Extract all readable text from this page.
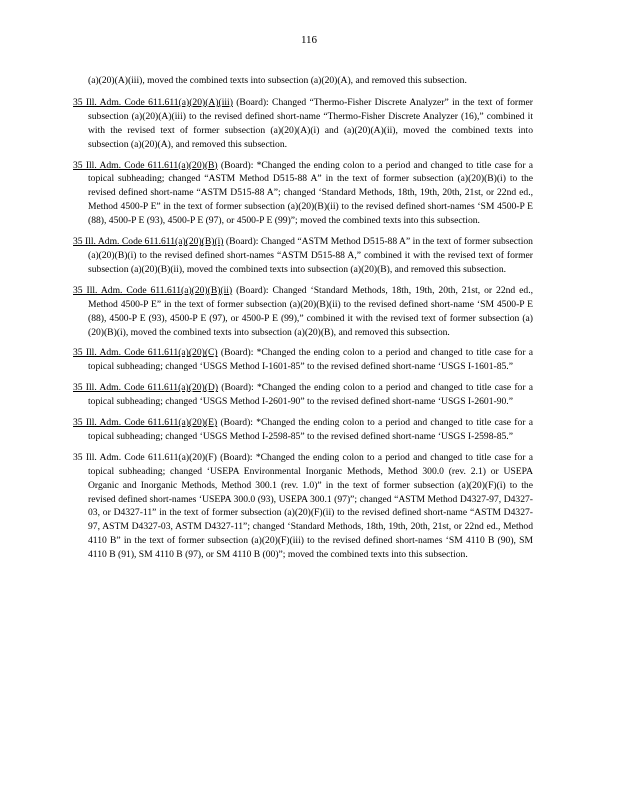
116

(a)(20)(A)(iii), moved the combined texts into subsection (a)(20)(A), and removed this subsection.

35 Ill. Adm. Code 611.611(a)(20)(A)(iii) (Board): Changed “Thermo-Fisher Discrete Analyzer” in the text of former subsection (a)(20)(A)(iii) to the revised defined short-name “Thermo-Fisher Discrete Analyzer (16),” combined it with the revised text of former subsection (a)(20)(A)(i) and (a)(20)(A)(ii), moved the combined texts into subsection (a)(20)(A), and removed this subsection.

35 Ill. Adm. Code 611.611(a)(20)(B) (Board): *Changed the ending colon to a period and changed to title case for a topical subheading; changed “ASTM Method D515-88 A” in the text of former subsection (a)(20)(B)(i) to the revised defined short-name “ASTM D515-88 A”; changed ‘Standard Methods, 18th, 19th, 20th, 21st, or 22nd ed., Method 4500-P E” in the text of former subsection (a)(20)(B)(ii) to the revised defined short-names ‘SM 4500-P E (88), 4500-P E (93), 4500-P E (97), or 4500-P E (99)”; moved the combined texts into this subsection.

35 Ill. Adm. Code 611.611(a)(20)(B)(i) (Board): Changed “ASTM Method D515-88 A” in the text of former subsection (a)(20)(B)(i) to the revised defined short-names “ASTM D515-88 A,” combined it with the revised text of former subsection (a)(20)(B)(ii), moved the combined texts into subsection (a)(20)(B), and removed this subsection.

35 Ill. Adm. Code 611.611(a)(20)(B)(ii) (Board): Changed ‘Standard Methods, 18th, 19th, 20th, 21st, or 22nd ed., Method 4500-P E” in the text of former subsection (a)(20)(B)(ii) to the revised defined short-name ‘SM 4500-P E (88), 4500-P E (93), 4500-P E (97), or 4500-P E (99),” combined it with the revised text of former subsection (a)(20)(B)(i), moved the combined texts into subsection (a)(20)(B), and removed this subsection.

35 Ill. Adm. Code 611.611(a)(20)(C) (Board): *Changed the ending colon to a period and changed to title case for a topical subheading; changed ‘USGS Method I-1601-85” to the revised defined short-name ‘USGS I-1601-85.”

35 Ill. Adm. Code 611.611(a)(20)(D) (Board): *Changed the ending colon to a period and changed to title case for a topical subheading; changed ‘USGS Method I-2601-90” to the revised defined short-name ‘USGS I-2601-90.”

35 Ill. Adm. Code 611.611(a)(20)(E) (Board): *Changed the ending colon to a period and changed to title case for a topical subheading; changed ‘USGS Method I-2598-85” to the revised defined short-name ‘USGS I-2598-85.”

35 Ill. Adm. Code 611.611(a)(20)(F) (Board): *Changed the ending colon to a period and changed to title case for a topical subheading; changed ‘USEPA Environmental Inorganic Methods, Method 300.0 (rev. 2.1) or USEPA Organic and Inorganic Methods, Method 300.1 (rev. 1.0)” in the text of former subsection (a)(20)(F)(i) to the revised defined short-names ‘USEPA 300.0 (93), USEPA 300.1 (97)”; changed “ASTM Method D4327-97, D4327-03, or D4327-11” in the text of former subsection (a)(20)(F)(ii) to the revised defined short-name “ASTM D4327-97, ASTM D4327-03, ASTM D4327-11”; changed ‘Standard Methods, 18th, 19th, 20th, 21st, or 22nd ed., Method 4110 B” in the text of former subsection (a)(20)(F)(iii) to the revised defined short-names ‘SM 4110 B (90), SM 4110 B (91), SM 4110 B (97), or SM 4110 B (00)”; moved the combined texts into this subsection.
